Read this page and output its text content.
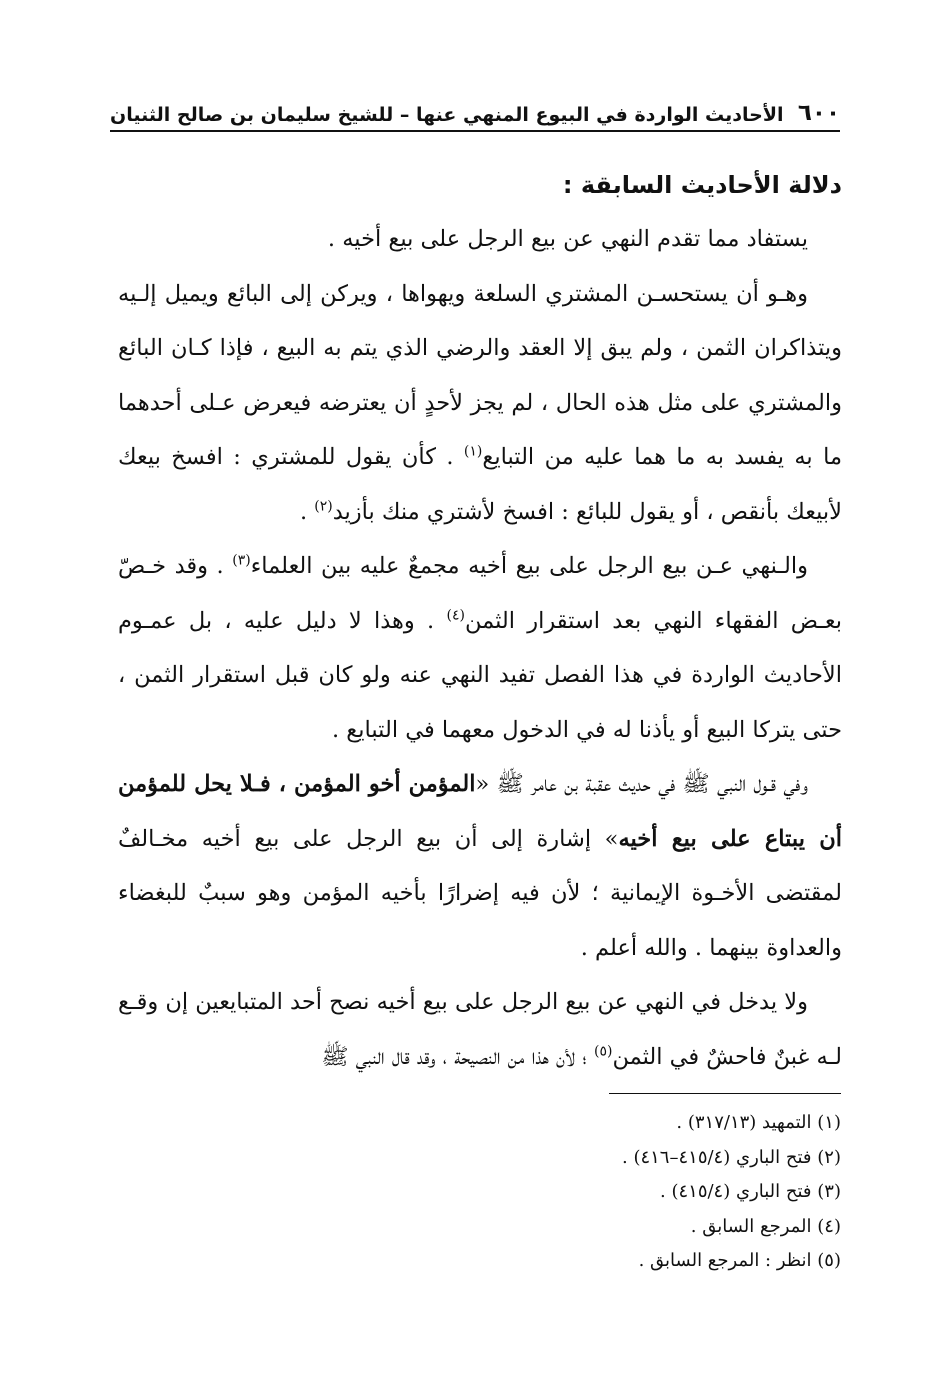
٦٠٠
الأحاديث الواردة في البيوع المنهي عنها – للشيخ سليمان بن صالح الثنيان

دلالة الأحاديث السابقة :

يستفاد مما تقدم النهي عن بيع الرجل على بيع أخيه .

وهـو أن يستحسـن المشتري السلعة ويهواها ، ويركن إلى البائع ويميل إلـيه ويتذاكران الثمن ، ولم يبق إلا العقد والرضي الذي يتم به البيع ، فإذا كـان البائع والمشتري على مثل هذه الحال ، لم يجز لأحدٍ أن يعترضه فيعرض عـلى أحدهما ما به يفسد به ما هما عليه من التبايع$^{(١)}$ . كأن يقول للمشتري : افسخ بيعك لأبيعك بأنقص ، أو يقول للبائع : افسخ لأشتري منك بأزيد$^{(٢)}$ .

والـنهي عـن بيع الرجل على بيع أخيه مجمعٌ عليه بين العلماء$^{(٣)}$ . وقد خـصّ بعـض الفقهاء النهي بعد استقرار الثمن$^{(٤)}$ . وهذا لا دليل عليه ، بل عمـوم الأحاديث الواردة في هذا الفصل تفيد النهي عنه ولو كان قبل استقرار الثمن ، حتى يتركا البيع أو يأذنا له في الدخول معهما في التبايع .

وفي قـول النبي ﷺ في حديث عقبة بن عامر ﷺ «المؤمن أخو المؤمن ، فـلا يحل للمؤمن أن يبتاع على بيع أخيه» إشارة إلى أن بيع الرجل على بيع أخيه مخـالفٌ لمقتضى الأخـوة الإيمانية ؛ لأن فيه إضرارًا بأخيه المؤمن وهو سببٌ للبغضاء والعداوة بينهما . والله أعلم .

ولا يدخل في النهي عن بيع الرجل على بيع أخيه نصح أحد المتبايعين إن وقـع لـه غبنٌ فاحشٌ في الثمن$^{(٥)}$ ؛ لأن هذا من النصيحة ، وقد قال النبي ﷺ

(١) التمهيد (٣١٧/١٣) .

(٢) فتح الباري (٤١٥/٤–٤١٦) .

(٣) فتح الباري (٤١٥/٤) .

(٤) المرجع السابق .

(٥) انظر : المرجع السابق .
